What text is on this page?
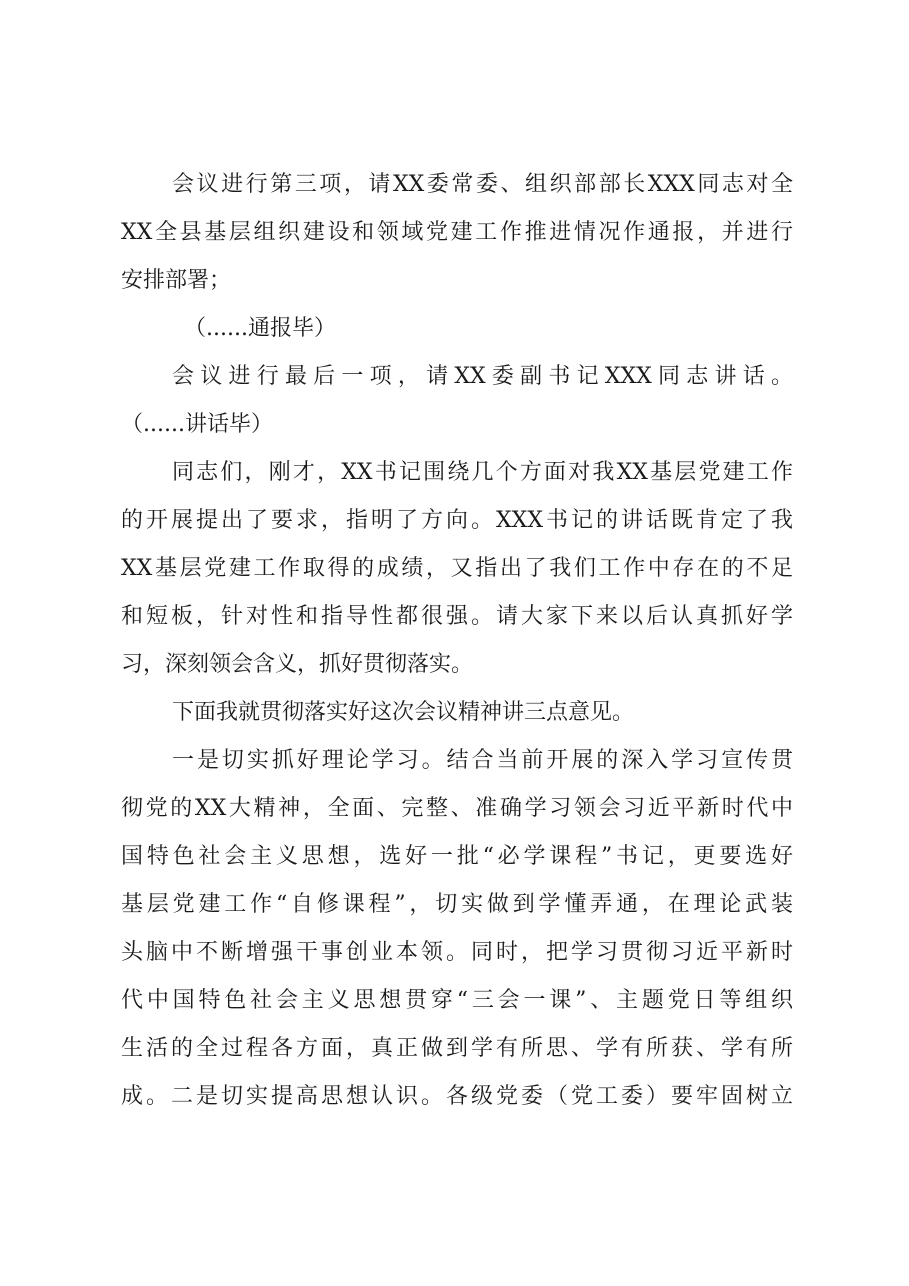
会议进行第三项，请XX委常委、组织部部长XXX同志对全

XX全县基层组织建设和领域党建工作推进情况作通报，并进行

安排部署；

（......通报毕）

会议进行最后一项，请XX委副书记XXX同志讲话。

（......讲话毕）

同志们，刚才，XX书记围绕几个方面对我XX基层党建工作

的开展提出了要求，指明了方向。XXX书记的讲话既肯定了我

XX基层党建工作取得的成绩，又指出了我们工作中存在的不足

和短板，针对性和指导性都很强。请大家下来以后认真抓好学

习，深刻领会含义，抓好贯彻落实。

下面我就贯彻落实好这次会议精神讲三点意见。

一是切实抓好理论学习。结合当前开展的深入学习宣传贯

彻党的XX大精神，全面、完整、准确学习领会习近平新时代中

国特色社会主义思想，选好一批“必学课程”书记，更要选好

基层党建工作“自修课程”，切实做到学懂弄通，在理论武装

头脑中不断增强干事创业本领。同时，把学习贯彻习近平新时

代中国特色社会主义思想贯穿“三会一课”、主题党日等组织

生活的全过程各方面，真正做到学有所思、学有所获、学有所

成。二是切实提高思想认识。各级党委（党工委）要牢固树立
